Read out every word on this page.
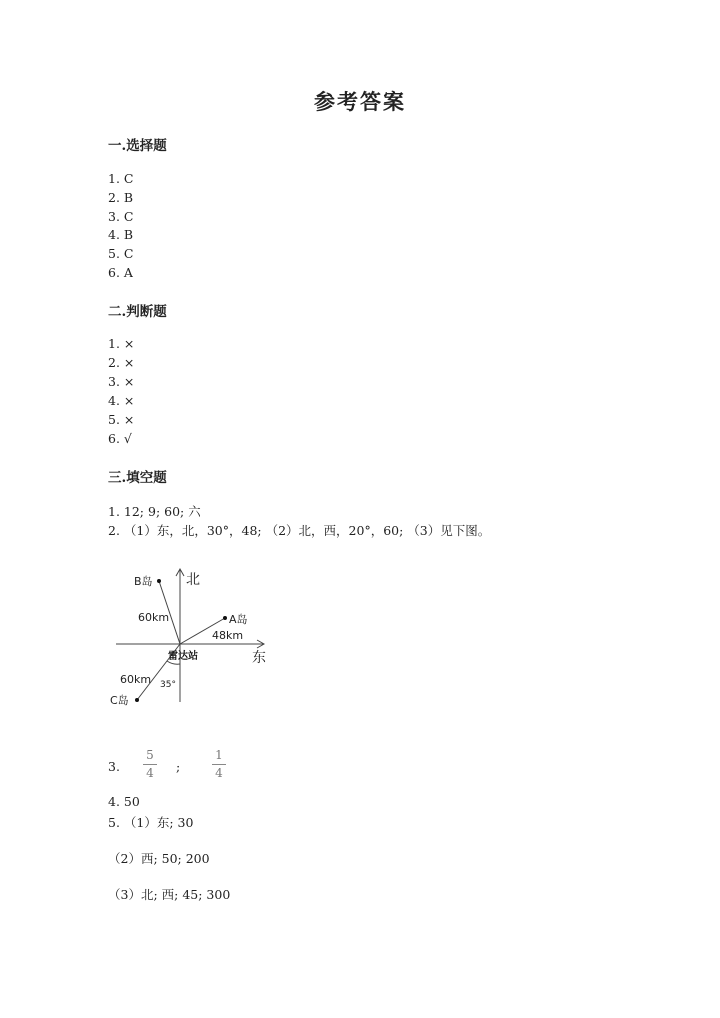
参考答案
一.选择题
1. C
2. B
3. C
4. B
5. C
6. A
二.判断题
1. ×
2. ×
3. ×
4. ×
5. ×
6. √
三.填空题
1. 12; 9; 60; 六
2. （1）东，北，30°，48; （2）北，西，20°，60; （3）见下图。
北
东
雷达站
B岛
A岛
C岛
60km
48km
60km 35°
3.
5
4 ;
1
4
4. 50
5. （1）东; 30
（2）西; 50; 200
（3）北; 西; 45; 300
